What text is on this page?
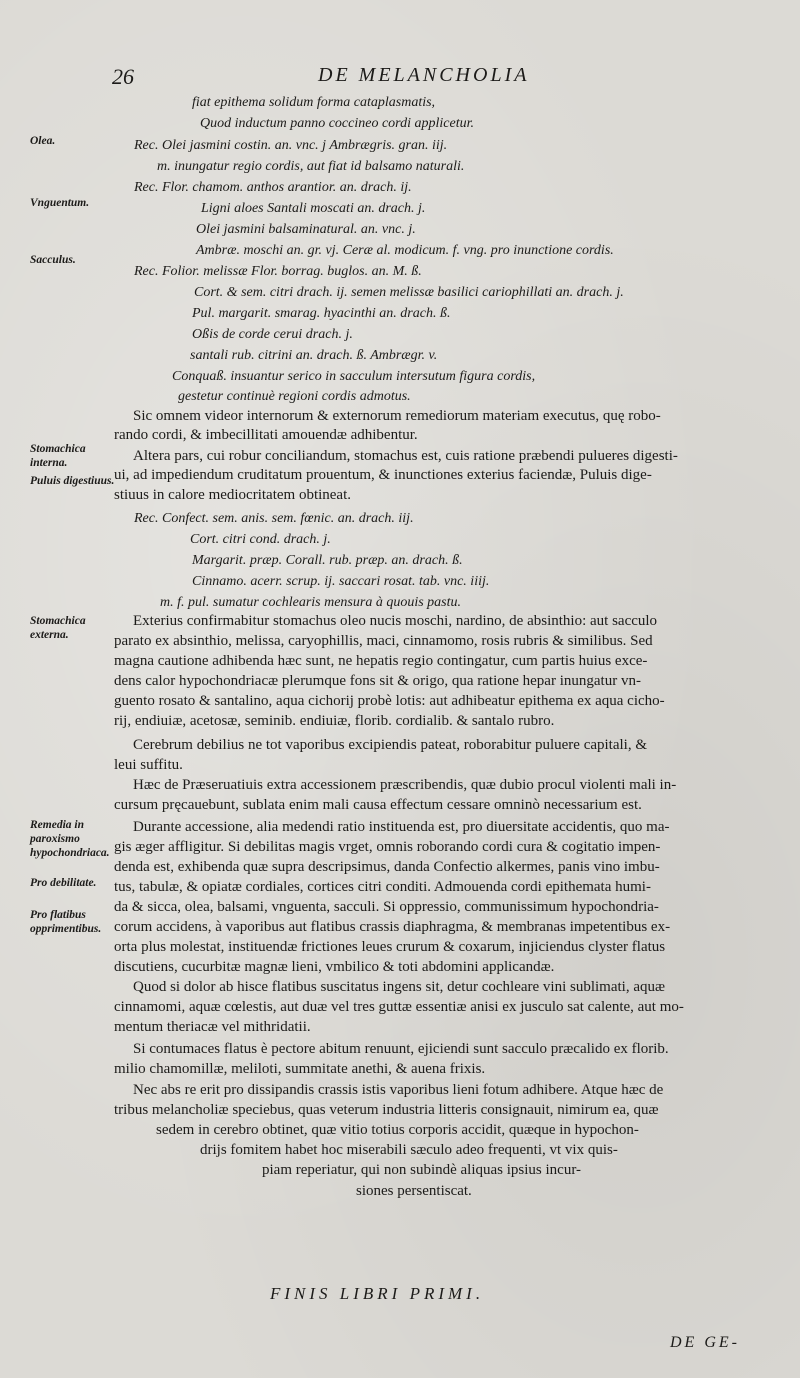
26	DE MELANCHOLIA
Olea.
Vnguentum.
Sacculus.
Stomachica interna.
Puluis digestiuus.
Stomachica externa.
Remedia in paroxismo hypochondriaca.
Pro debilitate.
Pro flatibus opprimentibus.
fiat epithema solidum forma cataplasmatis,
Quod inductum panno coccineo cordi applicetur.
Rec. Olei jasmini costin. an. vnc. j Ambrægris. gran. iij.
m. inungatur regio cordis, aut fiat id balsamo naturali.
Rec. Flor. chamom. anthos arantior. an. drach. ij.
Ligni aloes Santali moscati an. drach. j.
Olei jasmini balsaminatural. an. vnc. j.
Ambræ. moschi an. gr. vj. Ceræ al. modicum. f. vng. pro inunctione cordis.
Rec. Folior. melissæ Flor. borrag. buglos. an. M. ß.
Cort. & sem. citri drach. ij. semen melissæ basilici cariophillati an. drach. j.
Pul. margarit. smarag. hyacinthi an. drach. ß.
Oßis de corde cerui drach. j.
santali rub. citrini an. drach. ß. Ambrægr. v.
Conquaß. insuantur serico in sacculum intersutum figura cordis,
gestetur continuè regioni cordis admotus.
Sic omnem videor internorum & externorum remediorum materiam executus, quę robo-
rando cordi, & imbecillitati amouendæ adhibentur.
Altera pars, cui robur conciliandum, stomachus est, cuis ratione præbendi pulueres digesti-
ui, ad impediendum cruditatum prouentum, & inunctiones exterius faciendæ, Puluis dige-
stiuus in calore mediocritatem obtineat.
Rec. Confect. sem. anis. sem. fœnic. an. drach. iij.
Cort. citri cond. drach. j.
Margarit. præp. Corall. rub. præp. an. drach. ß.
Cinnamo. acerr. scrup. ij. saccari rosat. tab. vnc. iiij.
m. f. pul. sumatur cochlearis mensura à quouis pastu.
Exterius confirmabitur stomachus oleo nucis moschi, nardino, de absinthio: aut sacculo
parato ex absinthio, melissa, caryophillis, maci, cinnamomo, rosis rubris & similibus. Sed
magna cautione adhibenda hæc sunt, ne hepatis regio contingatur, cum partis huius exce-
dens calor hypochondriacæ plerumque fons sit & origo, qua ratione hepar inungatur vn-
guento rosato & santalino, aqua cichorij probè lotis: aut adhibeatur epithema ex aqua cicho-
rij, endiuiæ, acetosæ, seminib. endiuiæ, florib. cordialib. & santalo rubro.
Cerebrum debilius ne tot vaporibus excipiendis pateat, roborabitur puluere capitali, &
leui suffitu.
Hæc de Præseruatiuis extra accessionem præscribendis, quæ dubio procul violenti mali in-
cursum pręcauebunt, sublata enim mali causa effectum cessare omninò necessarium est.
Durante accessione, alia medendi ratio instituenda est, pro diuersitate accidentis, quo ma-
gis æger affligitur. Si debilitas magis vrget, omnis roborando cordi cura & cogitatio impen-
denda est, exhibenda quæ supra descripsimus, danda Confectio alkermes, panis vino imbu-
tus, tabulæ, & opiatæ cordiales, cortices citri conditi. Admouenda cordi epithemata humi-
da & sicca, olea, balsami, vnguenta, sacculi. Si oppressio, communissimum hypochondria-
corum accidens, à vaporibus aut flatibus crassis diaphragma, & membranas impetentibus ex-
orta plus molestat, instituendæ frictiones leues crurum & coxarum, injiciendus clyster flatus
discutiens, cucurbitæ magnæ lieni, vmbilico & toti abdomini applicandæ.
Quod si dolor ab hisce flatibus suscitatus ingens sit, detur cochleare vini sublimati, aquæ
cinnamomi, aquæ cœlestis, aut duæ vel tres guttæ essentiæ anisi ex jusculo sat calente, aut mo-
mentum theriacæ vel mithridatii.
Si contumaces flatus è pectore abitum renuunt, ejiciendi sunt sacculo præcalido ex florib.
milio chamomillæ, meliloti, summitate anethi, & auena frixis.
Nec abs re erit pro dissipandis crassis istis vaporibus lieni fotum adhibere. Atque hæc de
tribus melancholiæ speciebus, quas veterum industria litteris consignauit, nimirum ea, quæ
sedem in cerebro obtinet, quæ vitio totius corporis accidit, quæque in hypochon-
drijs fomitem habet hoc miserabili sæculo adeo frequenti, vt vix quis-
piam reperiatur, qui non subindè aliquas ipsius incur-
siones persentiscat.
FINIS LIBRI PRIMI.
DE GE-
